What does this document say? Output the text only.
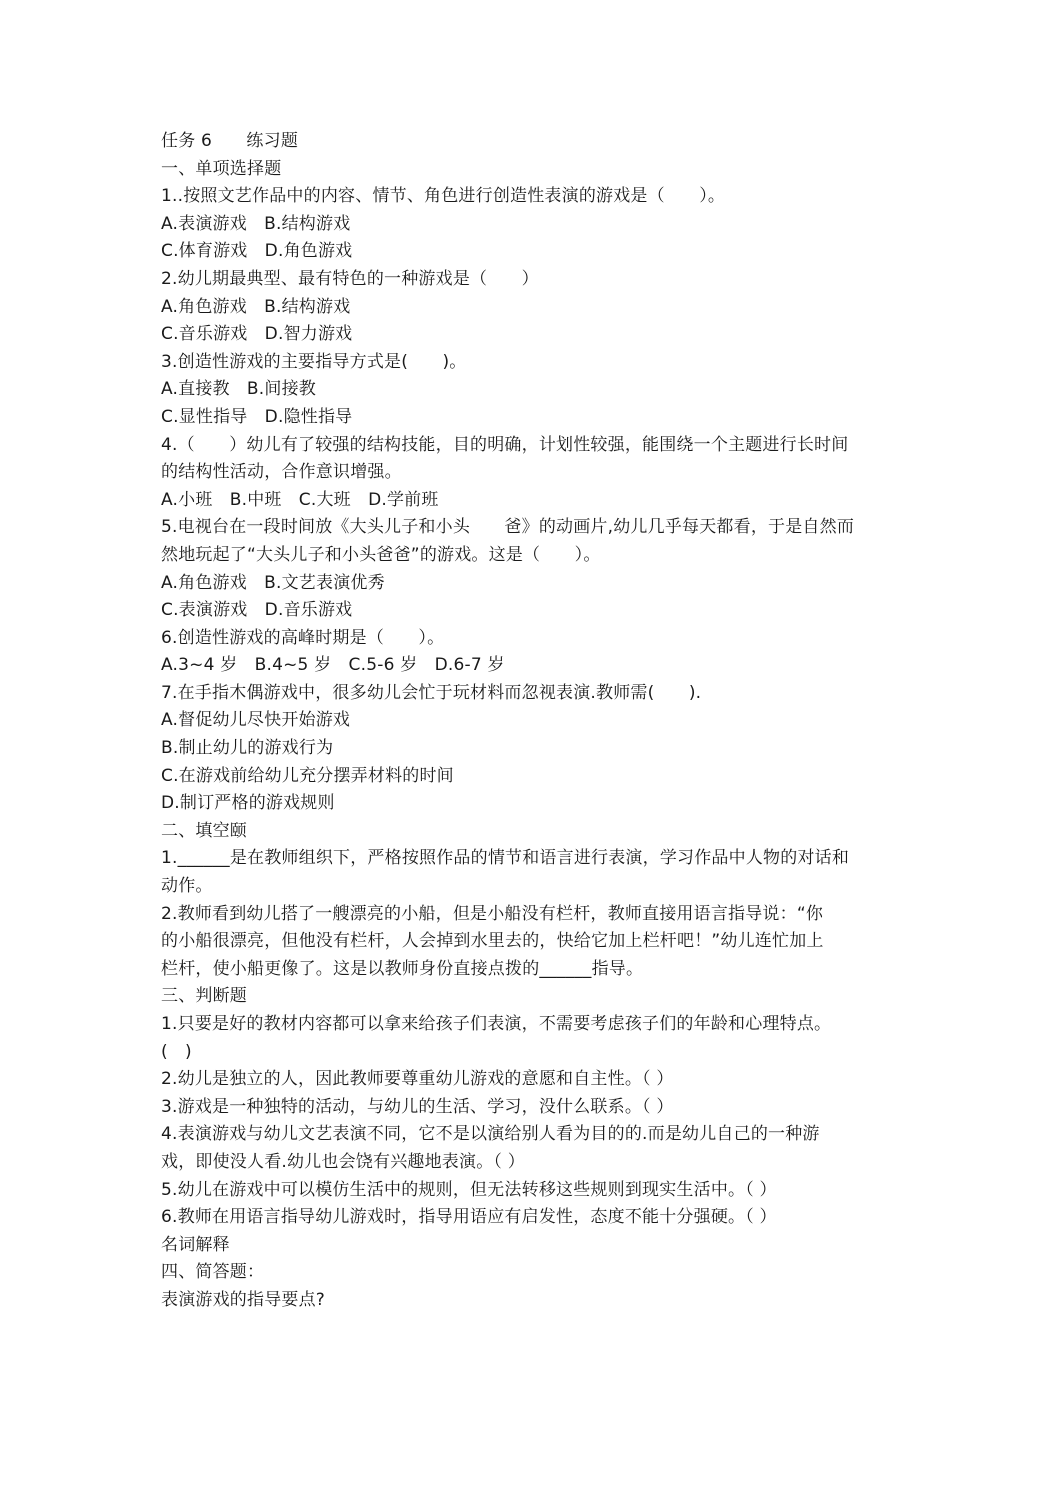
任务 6　　练习题
一、单项选择题
1..按照文艺作品中的内容、情节、角色进行创造性表演的游戏是（　　）。
A.表演游戏　B.结构游戏
C.体育游戏　D.角色游戏
2.幼儿期最典型、最有特色的一种游戏是（　　）
A.角色游戏　B.结构游戏
C.音乐游戏　D.智力游戏
3.创造性游戏的主要指导方式是(　　)。
A.直接教　B.间接教
C.显性指导　D.隐性指导
4.（　　）幼儿有了较强的结构技能，目的明确，计划性较强，能围绕一个主题进行长时间
的结构性活动，合作意识增强。
A.小班　B.中班　C.大班　D.学前班
5.电视台在一段时间放《大头儿子和小头　　爸》的动画片,幼儿几乎每天都看，于是自然而
然地玩起了“大头儿子和小头爸爸”的游戏。这是（　　）。
A.角色游戏　B.文艺表演优秀
C.表演游戏　D.音乐游戏
6.创造性游戏的高峰时期是（　　）。
A.3~4 岁　B.4~5 岁　C.5-6 岁　D.6-7 岁
7.在手指木偶游戏中，很多幼儿会忙于玩材料而忽视表演.教师需(　　).
A.督促幼儿尽快开始游戏
B.制止幼儿的游戏行为
C.在游戏前给幼儿充分摆弄材料的时间
D.制订严格的游戏规则
二、填空颐
1.______是在教师组织下，严格按照作品的情节和语言进行表演，学习作品中人物的对话和
动作。
2.教师看到幼儿搭了一艘漂亮的小船，但是小船没有栏杆，教师直接用语言指导说：“你
的小船很漂亮，但他没有栏杆，人会掉到水里去的，快给它加上栏杆吧！”幼儿连忙加上
栏杆，使小船更像了。这是以教师身份直接点拨的______指导。
三、判断题
1.只要是好的教材内容都可以拿来给孩子们表演，不需要考虑孩子们的年龄和心理特点。
(　)
2.幼儿是独立的人，因此教师要尊重幼儿游戏的意愿和自主性。（ ）
3.游戏是一种独特的活动，与幼儿的生活、学习，没什么联系。（ ）
4.表演游戏与幼儿文艺表演不同，它不是以演给别人看为目的的.而是幼儿自己的一种游
戏，即使没人看.幼儿也会饶有兴趣地表演。（ ）
5.幼儿在游戏中可以模仿生活中的规则，但无法转移这些规则到现实生活中。（ ）
6.教师在用语言指导幼儿游戏时，指导用语应有启发性，态度不能十分强硬。（ ）
名词解释
四、简答题：
表演游戏的指导要点?
